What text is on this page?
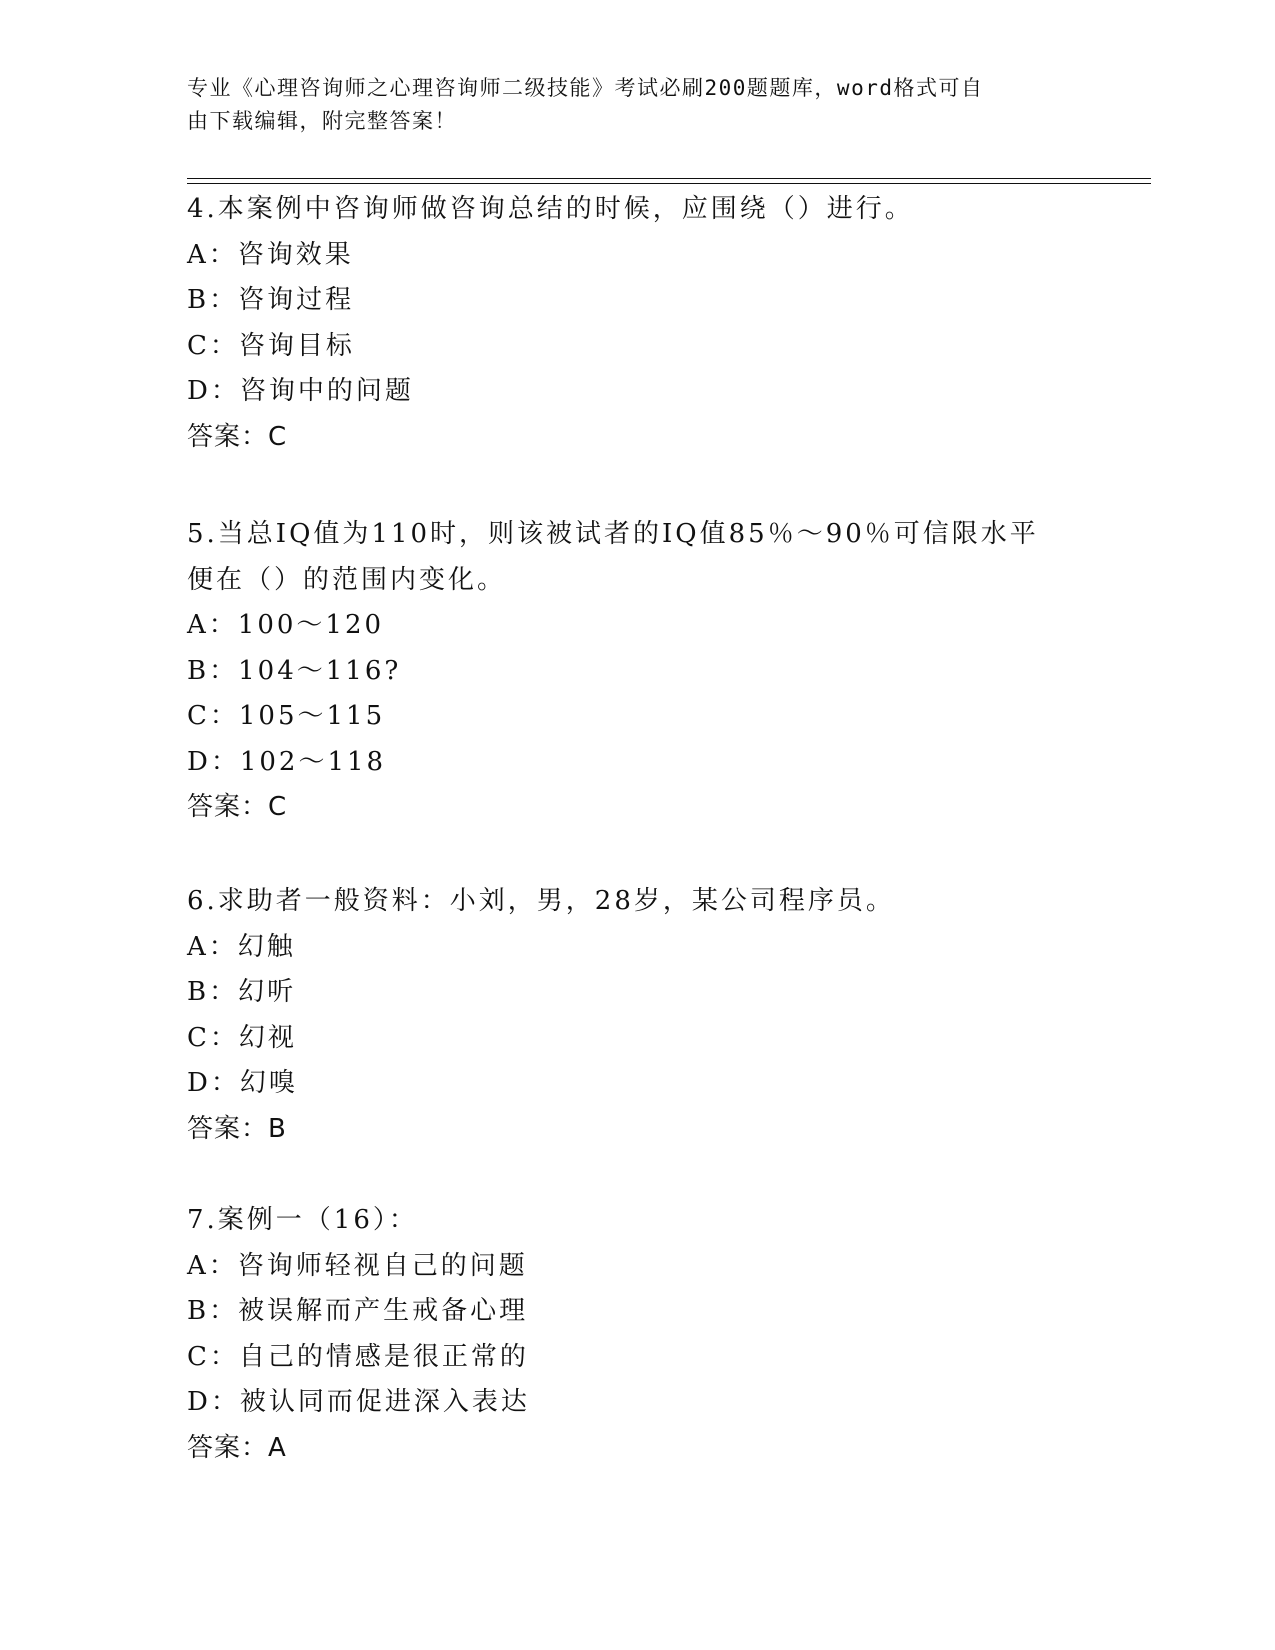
专业《心理咨询师之心理咨询师二级技能》考试必刷200题题库，word格式可自
由下载编辑，附完整答案！

4.本案例中咨询师做咨询总结的时候，应围绕（）进行。

A：咨询效果

B：咨询过程

C：咨询目标

D：咨询中的问题

答案：C

5.当总IQ值为110时，则该被试者的IQ值85％～90％可信限水平便在（）的范围内变化。

A：100～120

B：104～116?

C：105～115

D：102～118

答案：C

6.求助者一般资料：小刘，男，28岁，某公司程序员。

A：幻触

B：幻听

C：幻视

D：幻嗅

答案：B

7.案例一（16）：

A：咨询师轻视自己的问题

B：被误解而产生戒备心理

C：自己的情感是很正常的

D：被认同而促进深入表达

答案：A
